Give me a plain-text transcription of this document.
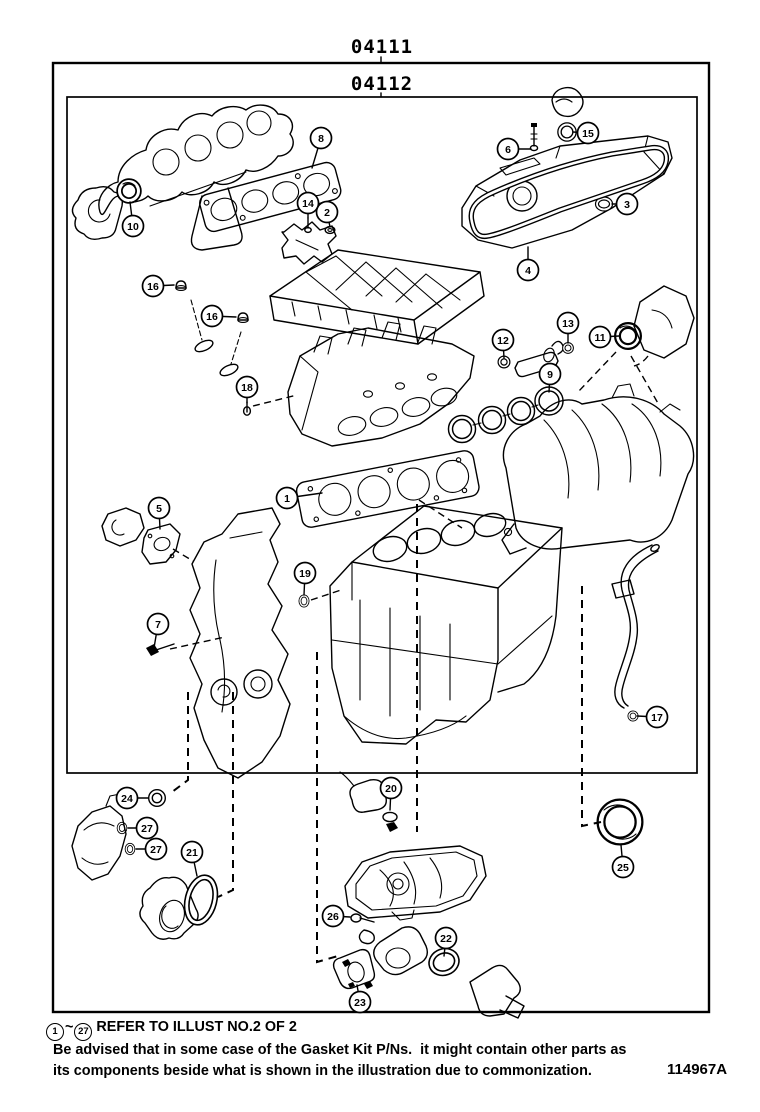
04111
04112
1
2
3
4
5
6
7
8
9
10
11
12
13
14
15
16
16
17
18
19
20
21
22
23
24
25
26
27
27
1 ~ 27 REFER TO ILLUST NO.2 OF 2
Be advised that in some case of the Gasket Kit P/Ns.  it might contain other parts as
its components beside what is shown in the illustration due to commonization.	114967A
